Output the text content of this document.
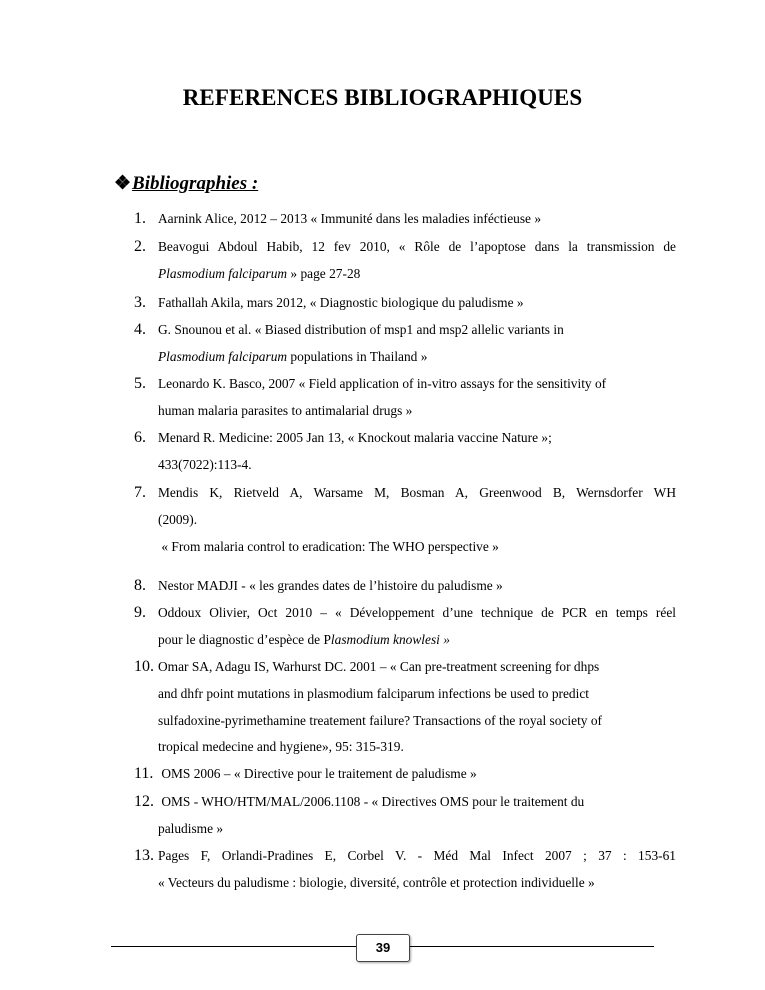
REFERENCES BIBLIOGRAPHIQUES
❖Bibliographies :
1. Aarnink Alice, 2012 – 2013 « Immunité dans les maladies inféctieuse »
2. Beavogui Abdoul Habib, 12 fev 2010, « Rôle de l’apoptose dans la transmission de
Plasmodium falciparum » page 27-28
3. Fathallah Akila, mars 2012, « Diagnostic biologique du paludisme »
4. G. Snounou et al. « Biased distribution of msp1 and msp2 allelic variants in
Plasmodium falciparum populations in Thailand »
5. Leonardo K. Basco, 2007 « Field application of in-vitro assays for the sensitivity of
human malaria parasites to antimalarial drugs »
6. Menard R. Medicine: 2005 Jan 13, « Knockout malaria vaccine Nature »;
433(7022):113-4.
7. Mendis K, Rietveld A, Warsame M, Bosman A, Greenwood B, Wernsdorfer WH
(2009).
« From malaria control to eradication: The WHO perspective »
8. Nestor MADJI - « les grandes dates de l’histoire du paludisme »
9. Oddoux Olivier, Oct 2010 – « Développement d’une technique de PCR en temps réel
pour le diagnostic d’espèce de Plasmodium knowlesi »
10. Omar SA, Adagu IS, Warhurst DC. 2001 – « Can pre-treatment screening for dhps
and dhfr point mutations in plasmodium falciparum infections be used to predict
sulfadoxine-pyrimethamine treatement failure? Transactions of the royal society of
tropical medecine and hygiene», 95: 315-319.
11. OMS 2006 – « Directive pour le traitement de paludisme »
12. OMS - WHO/HTM/MAL/2006.1108 - « Directives OMS pour le traitement du
paludisme »
13. Pages F, Orlandi-Pradines E, Corbel V. - Méd Mal Infect 2007 ; 37 : 153-61
« Vecteurs du paludisme : biologie, diversité, contrôle et protection individuelle »
39
